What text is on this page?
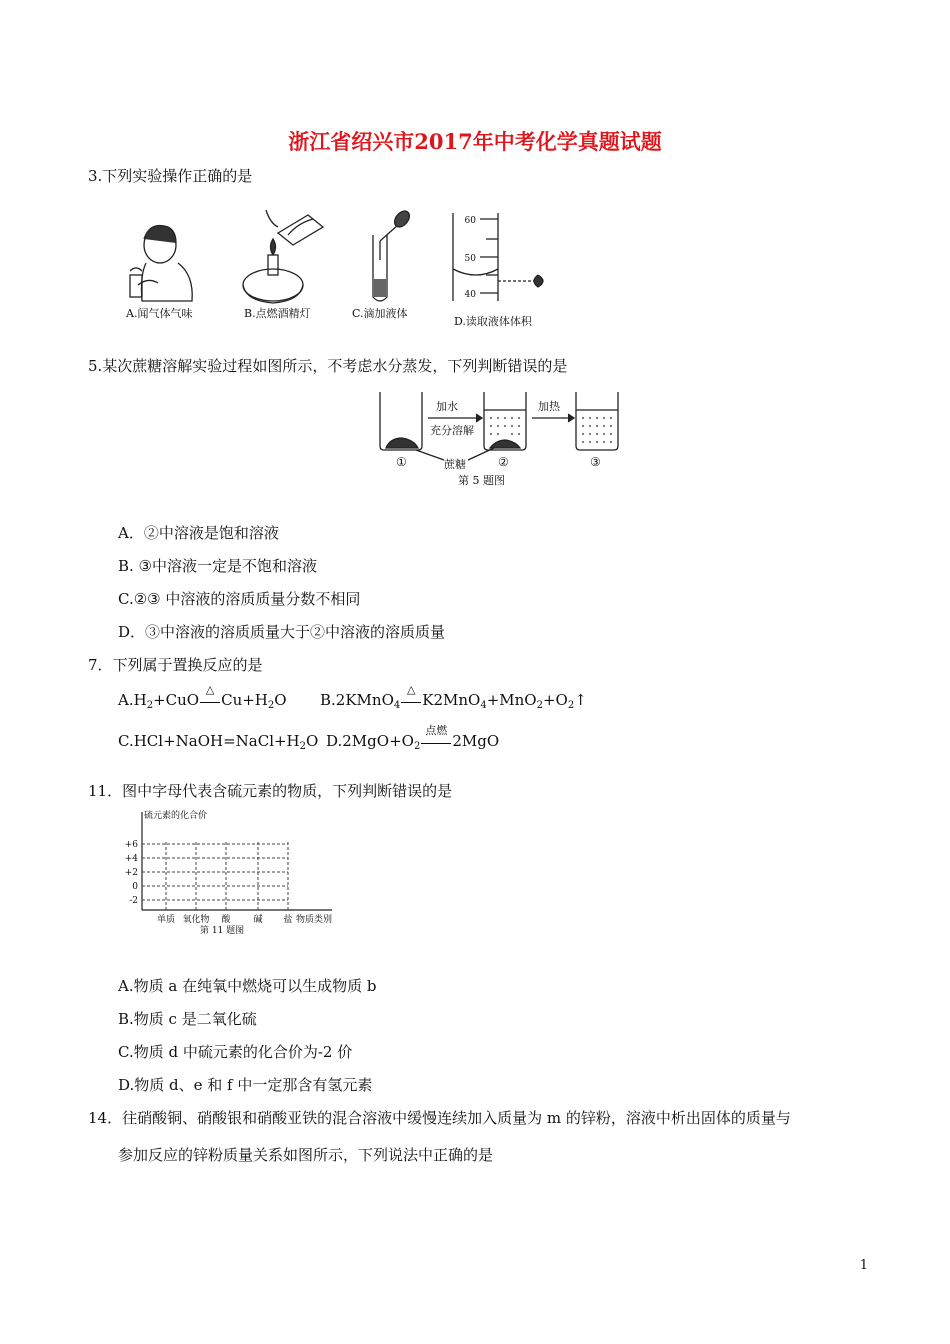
浙江省绍兴市2017年中考化学真题试题
3.下列实验操作正确的是
A.闻气体气味	B.点燃酒精灯	C.滴加液体
60
50
40
D.读取液体体积
5.某次蔗糖溶解实验过程如图所示，不考虑水分蒸发，下列判断错误的是
加水
充分溶解
加热
①	②	③
蔗糖
第 5 题图
A．②中溶液是饱和溶液
B. ③中溶液一定是不饱和溶液
C.②③ 中溶液的溶质质量分数不相同
D．③中溶液的溶质质量大于②中溶液的溶质质量
7．下列属于置换反应的是
$A.H_2+CuO$
△
$Cu+H_2O$ B.2KMnO$_4$
△
$K2MnO_4+MnO_2+O_2↑$
$C.HCl+NaOH=NaCl+H_2O$ $D.2MgO+O_2$
点燃
2MgO
11．图中字母代表含硫元素的物质，下列判断错误的是
硫元素的化合价
+6
+4
+2
0
-2
单质 氧化物 酸	碱 盐 物质类别
第 11 题图
A.物质 a 在纯氧中燃烧可以生成物质 b
B.物质 c 是二氧化硫
C.物质 d 中硫元素的化合价为-2 价
D.物质 d、e 和 f 中一定那含有氢元素
14．往硝酸铜、硝酸银和硝酸亚铁的混合溶液中缓慢连续加入质量为 m 的锌粉，溶液中析出固体的质量与
参加反应的锌粉质量关系如图所示，下列说法中正确的是
1
